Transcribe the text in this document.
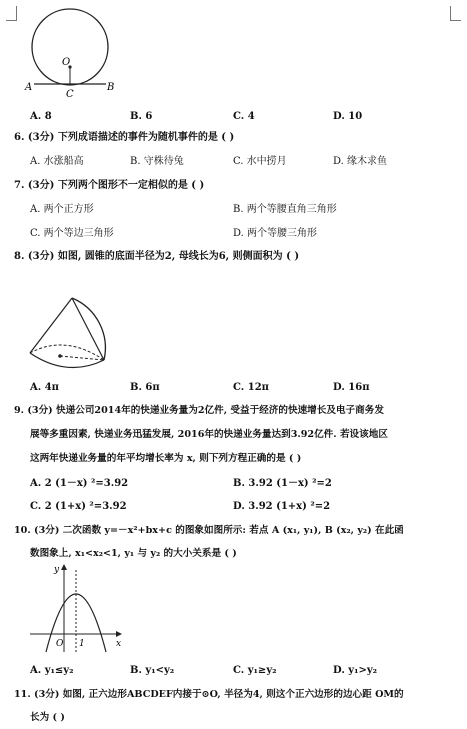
O
A	B
C
A. 8	B. 6	C. 4	D. 10
6. (3分) 下列成语描述的事件为随机事件的是 ( )
A. 水涨船高	B. 守株待兔	C. 水中捞月	D. 缘木求鱼
7. (3分) 下列两个图形不一定相似的是 ( )
A. 两个正方形	B. 两个等腰直角三角形
C. 两个等边三角形	D. 两个等腰三角形
8. (3分) 如图, 圆锥的底面半径为2, 母线长为6, 则侧面积为 ( )
A. 4π	B. 6π	C. 12π	D. 16π
9. (3分) 快递公司2014年的快递业务量为2亿件, 受益于经济的快速增长及电子商务发
展等多重因素, 快递业务迅猛发展, 2016年的快递业务量达到3.92亿件. 若设该地区
这两年快递业务量的年平均增长率为 x, 则下列方程正确的是 ( )
A. 2 (1－x) ²=3.92	B. 3.92 (1－x) ²=2
C. 2 (1+x) ²=3.92	D. 3.92 (1+x) ²=2
10. (3分) 二次函数 y=－x²+bx+c 的图象如图所示: 若点 A (x₁, y₁), B (x₂, y₂) 在此函
数图象上, x₁<x₂<1, y₁ 与 y₂ 的大小关系是 ( )
y
x
O 1
A. y₁≤y₂	B. y₁<y₂	C. y₁≥y₂	D. y₁>y₂
11. (3分) 如图, 正六边形ABCDEF内接于⊙O, 半径为4, 则这个正六边形的边心距 OM的
长为 ( )
